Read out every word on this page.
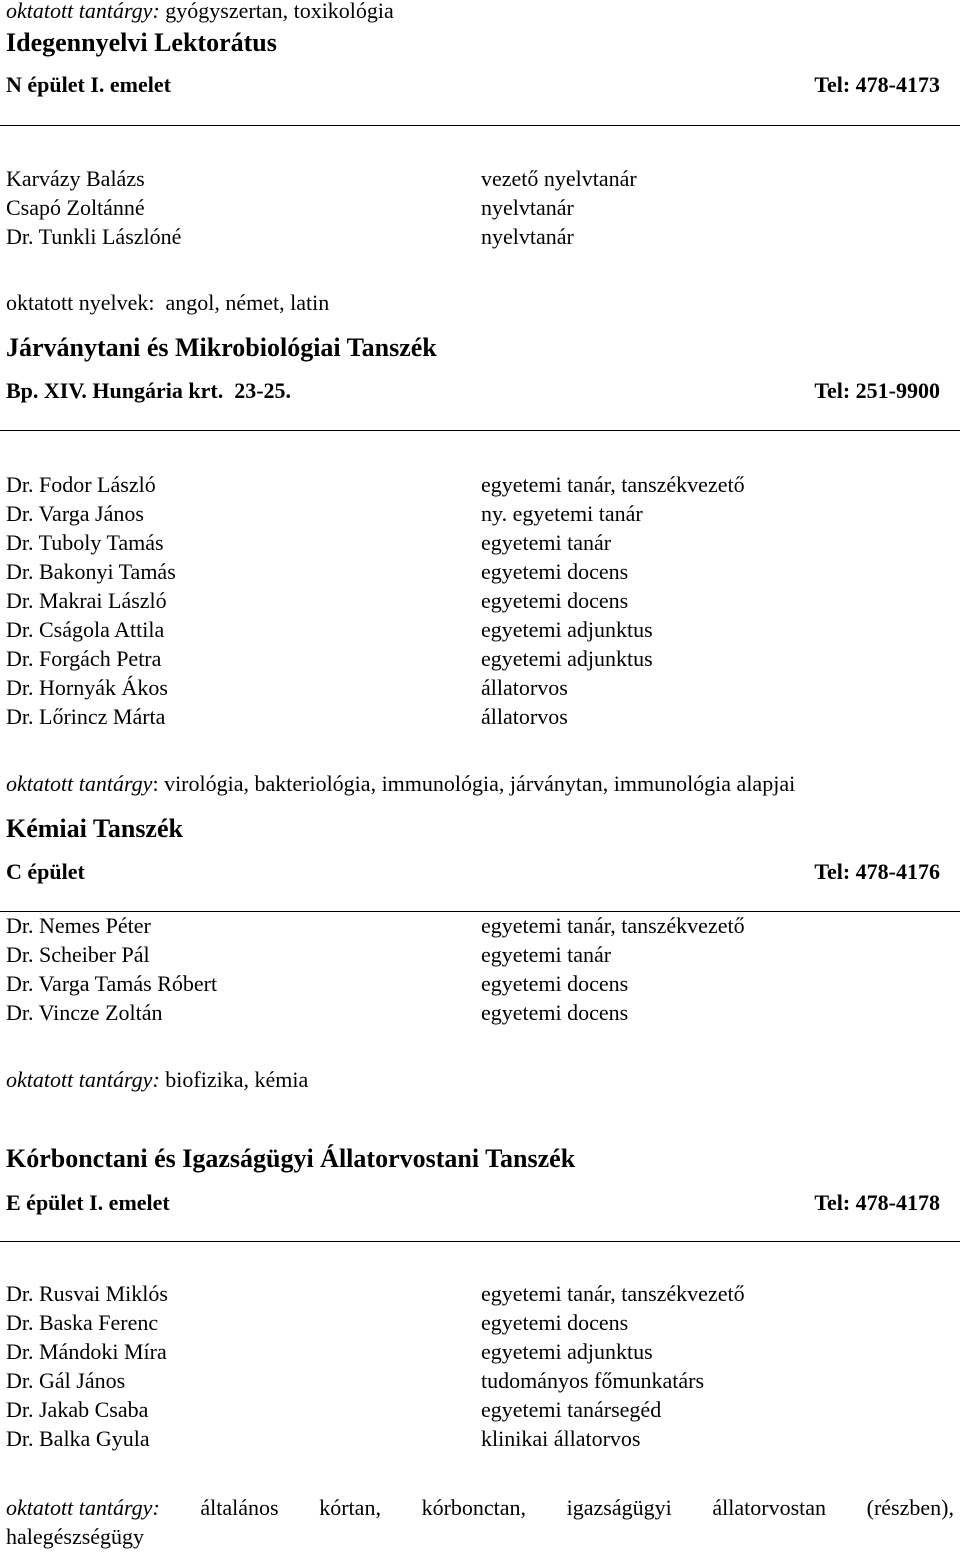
oktatott tantárgy: gyógyszertan, toxikológia
Idegennyelvi Lektorátus
N épület I. emelet	Tel: 478-4173
Karvázy Balázs	vezető nyelvtanár
Csapó Zoltánné	nyelvtanár
Dr. Tunkli Lászlóné	nyelvtanár
oktatott nyelvek:  angol, német, latin
Járványtani és Mikrobiológiai Tanszék
Bp. XIV. Hungária krt.  23-25.	Tel: 251-9900
Dr. Fodor László	egyetemi tanár, tanszékvezető
Dr. Varga János	ny. egyetemi tanár
Dr. Tuboly Tamás	egyetemi tanár
Dr. Bakonyi Tamás	egyetemi docens
Dr. Makrai László	egyetemi docens
Dr. Cságola Attila	egyetemi adjunktus
Dr. Forgách Petra	egyetemi adjunktus
Dr. Hornyák Ákos	állatorvos
Dr. Lőrincz Márta	állatorvos
oktatott tantárgy: virológia, bakteriológia, immunológia, járványtan, immunológia alapjai
Kémiai Tanszék
C épület	Tel: 478-4176
Dr. Nemes Péter	egyetemi tanár, tanszékvezető
Dr. Scheiber Pál	egyetemi tanár
Dr. Varga Tamás Róbert	egyetemi docens
Dr. Vincze Zoltán	egyetemi docens
oktatott tantárgy: biofizika, kémia
Kórbonctani és Igazságügyi Állatorvostani Tanszék
E épület I. emelet	Tel: 478-4178
Dr. Rusvai Miklós	egyetemi tanár, tanszékvezető
Dr. Baska Ferenc	egyetemi docens
Dr. Mándoki Míra	egyetemi adjunktus
Dr. Gál János	tudományos főmunkatárs
Dr. Jakab Csaba	egyetemi tanársegéd
Dr. Balka Gyula	klinikai állatorvos
oktatott tantárgy: általános kórtan, kórbonctan, igazságügyi állatorvostan (részben),
halegészségügy
